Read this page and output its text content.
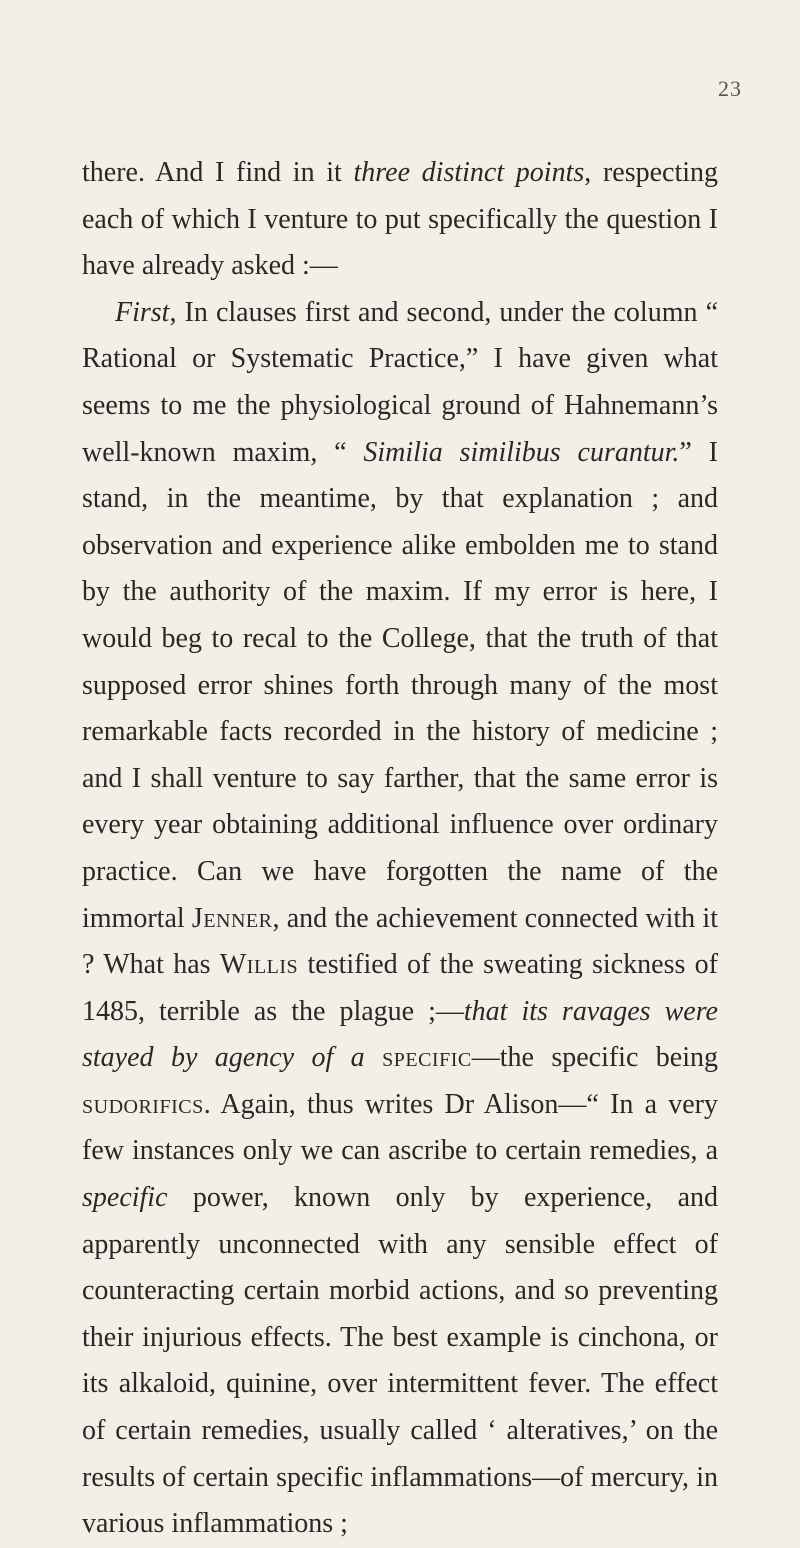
23

there. And I find in it three distinct points, respecting each of which I venture to put specifically the question I have already asked :—

First, In clauses first and second, under the column “ Rational or Systematic Practice,” I have given what seems to me the physiological ground of Hahnemann’s well-known maxim, “ Similia similibus curantur.” I stand, in the meantime, by that explanation ; and observation and experience alike embolden me to stand by the authority of the maxim. If my error is here, I would beg to recal to the College, that the truth of that supposed error shines forth through many of the most remarkable facts recorded in the history of medicine ; and I shall venture to say farther, that the same error is every year obtaining additional influence over ordinary practice. Can we have forgotten the name of the immortal Jenner, and the achievement connected with it ? What has Willis testified of the sweating sickness of 1485, terrible as the plague ;—that its ravages were stayed by agency of a specific—the specific being sudorifics. Again, thus writes Dr Alison—“ In a very few instances only we can ascribe to certain remedies, a specific power, known only by experience, and apparently unconnected with any sensible effect of counteracting certain morbid actions, and so preventing their injurious effects. The best example is cinchona, or its alkaloid, quinine, over intermittent fever. The effect of certain remedies, usually called ‘ alteratives,’ on the results of certain specific inflammations—of mercury, in various inflammations ;
